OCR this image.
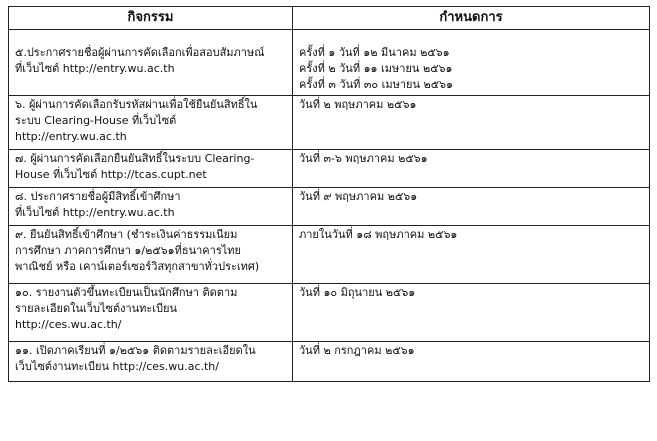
กิจกรรม	กำหนดการ

๕.ประกาศรายชื่อผู้ผ่านการคัดเลือกเพื่อสอบสัมภาษณ์
ที่เว็บไซต์ http://entry.wu.ac.th	ครั้งที่ ๑ วันที่ ๑๒ มีนาคม ๒๕๖๑
ครั้งที่ ๒ วันที่ ๑๑ เมษายน ๒๕๖๑
ครั้งที่ ๓ วันที่ ๓๐ เมษายน ๒๕๖๑

๖. ผู้ผ่านการคัดเลือกรับรหัสผ่านเพื่อใช้ยืนยันสิทธิ์ใน
ระบบ Clearing-House ที่เว็บไซต์
http://entry.wu.ac.th	วันที่ ๒ พฤษภาคม ๒๕๖๑

๗. ผู้ผ่านการคัดเลือกยืนยันสิทธิ์ในระบบ Clearing-
House ที่เว็บไซต์ http://tcas.cupt.net	วันที่ ๓-๖ พฤษภาคม ๒๕๖๑

๘. ประกาศรายชื่อผู้มีสิทธิ์เข้าศึกษา
ที่เว็บไซต์ http://entry.wu.ac.th	วันที่ ๙ พฤษภาคม ๒๕๖๑

๙. ยืนยันสิทธิ์เข้าศึกษา (ชำระเงินค่าธรรมเนียม
การศึกษา ภาคการศึกษา ๑/๒๕๖๑ที่ธนาคารไทย
พาณิชย์ หรือ เคาน์เตอร์เซอร์วิสทุกสาขาทั่วประเทศ)	ภายในวันที่ ๑๘ พฤษภาคม ๒๕๖๑

๑๐. รายงานตัวขึ้นทะเบียนเป็นนักศึกษา ติดตาม
รายละเอียดในเว็บไซต์งานทะเบียน
http://ces.wu.ac.th/	วันที่ ๑๐ มิถุนายน ๒๕๖๑

๑๑. เปิดภาคเรียนที่ ๑/๒๕๖๑ ติดตามรายละเอียดใน
เว็บไซต์งานทะเบียน http://ces.wu.ac.th/	วันที่ ๒ กรกฎาคม ๒๕๖๑
